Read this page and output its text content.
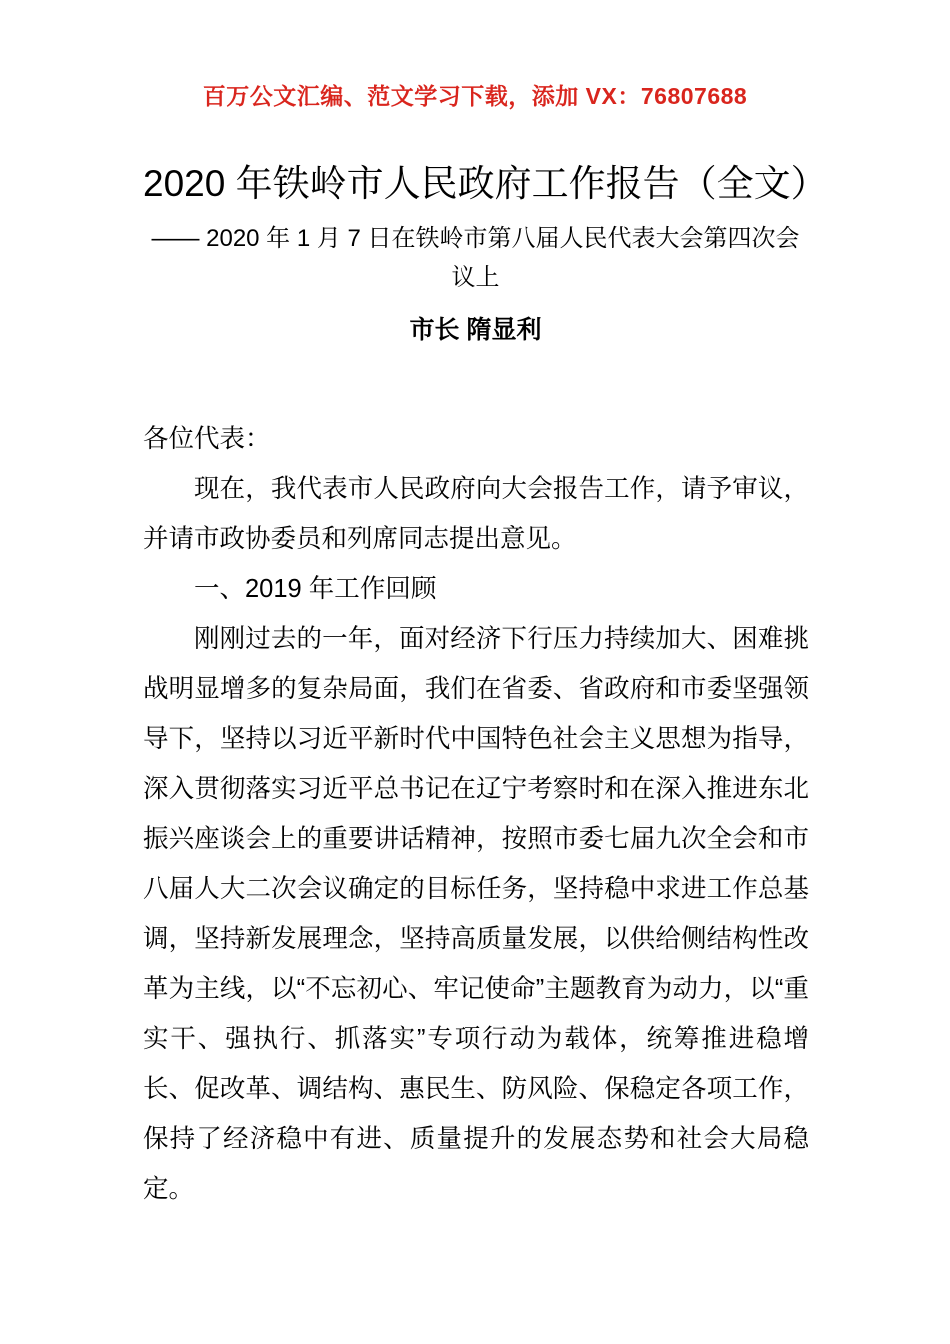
百万公文汇编、范文学习下载，添加 VX：76807688
2020 年铁岭市人民政府工作报告（全文）
—— 2020 年 1 月 7 日在铁岭市第八届人民代表大会第四次会议上
市长 隋显利

各位代表：

现在，我代表市人民政府向大会报告工作，请予审议，并请市政协委员和列席同志提出意见。

一、2019 年工作回顾

刚刚过去的一年，面对经济下行压力持续加大、困难挑战明显增多的复杂局面，我们在省委、省政府和市委坚强领导下，坚持以习近平新时代中国特色社会主义思想为指导，深入贯彻落实习近平总书记在辽宁考察时和在深入推进东北振兴座谈会上的重要讲话精神，按照市委七届九次全会和市八届人大二次会议确定的目标任务，坚持稳中求进工作总基调，坚持新发展理念，坚持高质量发展，以供给侧结构性改革为主线，以“不忘初心、牢记使命”主题教育为动力，以“重实干、强执行、抓落实”专项行动为载体，统筹推进稳增长、促改革、调结构、惠民生、防风险、保稳定各项工作，保持了经济稳中有进、质量提升的发展态势和社会大局稳定。
